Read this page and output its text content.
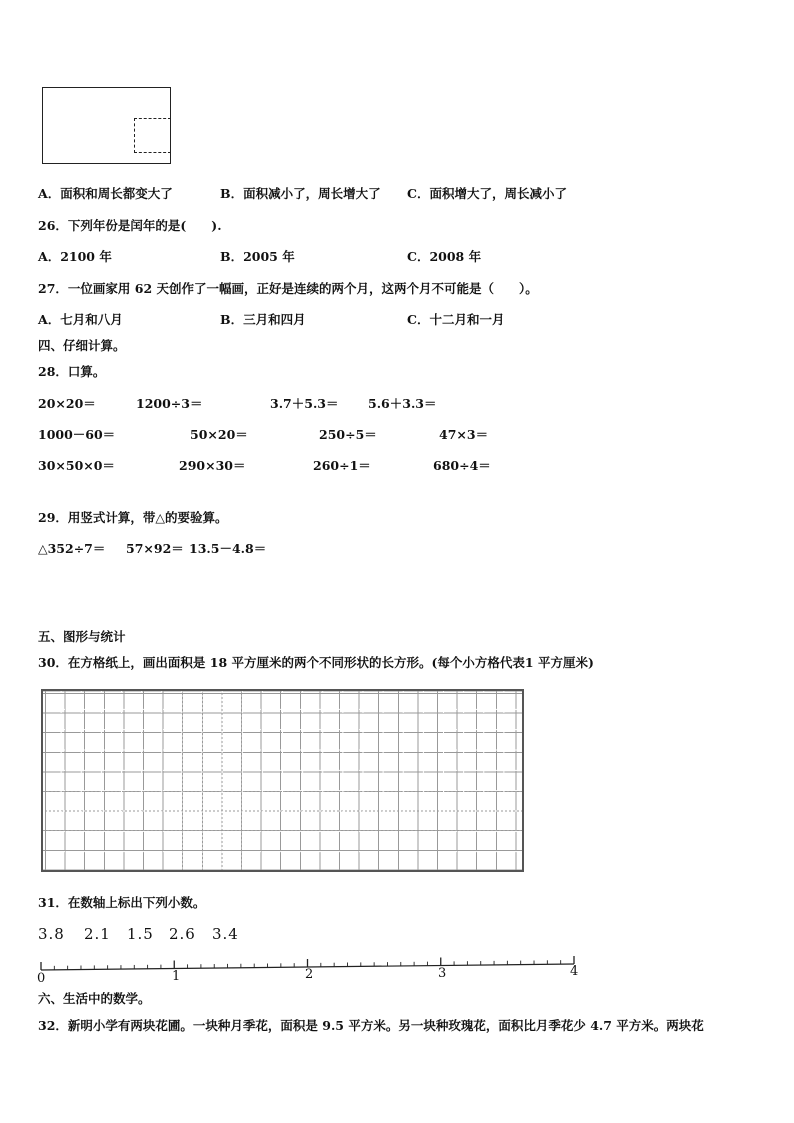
A．面积和周长都变大了	B．面积减小了，周长增大了 C．面积增大了，周长减小了
26．下列年份是闰年的是(　　).
A．2100 年	B．2005 年	C．2008 年
27．一位画家用 62 天创作了一幅画，正好是连续的两个月，这两个月不可能是（　　）。
A．七月和八月	B．三月和四月	C．十二月和一月
四、仔细计算。
28．口算。
20×20＝	1200÷3＝	3.7＋5.3＝ 5.6＋3.3＝
1000－60＝	50×20＝	250÷5＝	47×3＝
30×50×0＝	290×30＝	260÷1＝	680÷4＝
29．用竖式计算，带△的要验算。
△352÷7＝ 57×92＝ 13.5－4.8＝
五、图形与统计
30．在方格纸上，画出面积是 18 平方厘米的两个不同形状的长方形。(每个小方格代表1 平方厘米)
31．在数轴上标出下列小数。
3.8 2.1 1.5 2.6 3.4
0	1	2	3	4
六、生活中的数学。
32．新明小学有两块花圃。一块种月季花，面积是 9.5 平方米。另一块种玫瑰花，面积比月季花少 4.7 平方米。两块花
